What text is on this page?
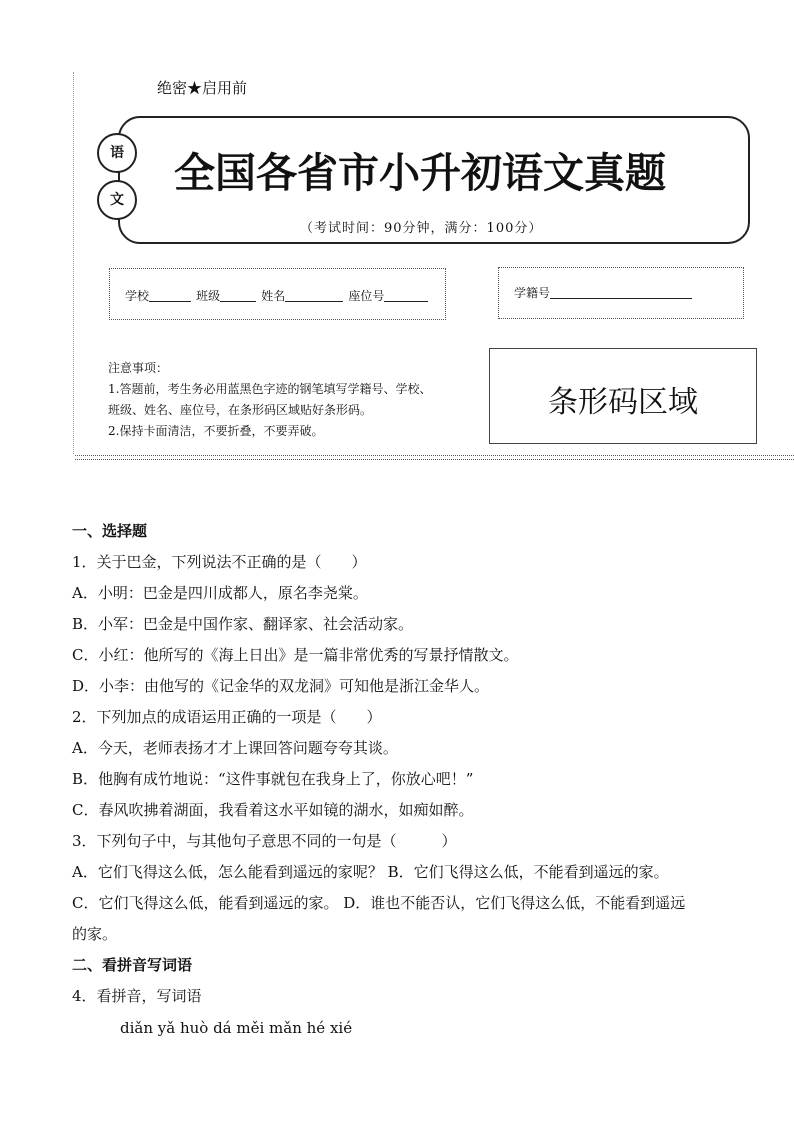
绝密★启用前
语
文
全国各省市小升初语文真题
（考试时间：90分钟，满分：100分）
学校	班级	姓名	座位号	学籍号
注意事项：
1.答题前，考生务必用蓝黑色字迹的钢笔填写学籍号、学校、
班级、姓名、座位号，在条形码区域贴好条形码。
2.保持卡面清洁，不要折叠，不要弄破。
条形码区域
一、选择题
1．关于巴金，下列说法不正确的是（　　）
A．小明：巴金是四川成都人，原名李尧棠。
B．小军：巴金是中国作家、翻译家、社会活动家。
C．小红：他所写的《海上日出》是一篇非常优秀的写景抒情散文。
D．小李：由他写的《记金华的双龙洞》可知他是浙江金华人。
2．下列加点的成语运用正确的一项是（　　）
A．今天，老师表扬才才上课回答问题夸夸其谈。
B．他胸有成竹地说：“这件事就包在我身上了，你放心吧！”
C．春风吹拂着湖面，我看着这水平如镜的湖水，如痴如醉。
3．下列句子中，与其他句子意思不同的一句是（　　　）
A．它们飞得这么低，怎么能看到遥远的家呢？ B．它们飞得这么低，不能看到遥远的家。
C．它们飞得这么低，能看到遥远的家。 D．谁也不能否认，它们飞得这么低，不能看到遥远
的家。
二、看拼音写词语
4．看拼音，写词语
diǎn yǎ huò dá měi mǎn hé xié
